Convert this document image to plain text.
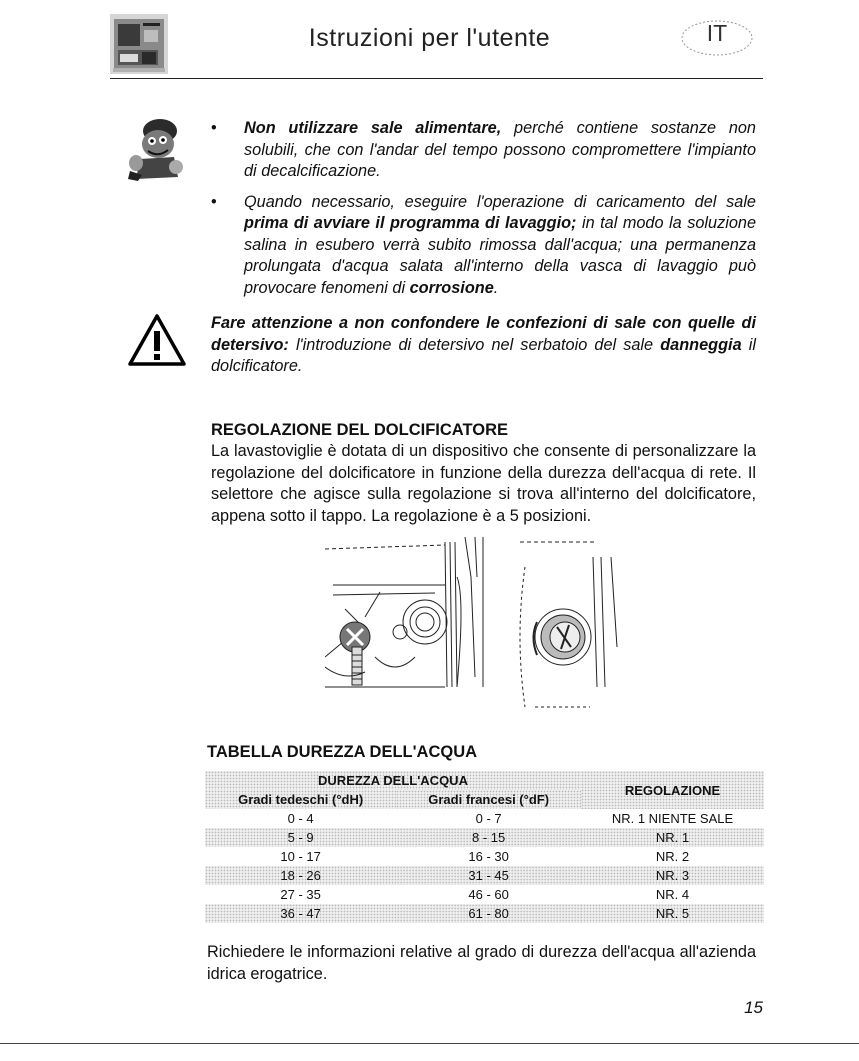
Istruzioni per l'utente	IT
• Non utilizzare sale alimentare, perché contiene sostanze non solubili, che con l'andar del tempo possono compromettere l'impianto di decalcificazione.
• Quando necessario, eseguire l'operazione di caricamento del sale prima di avviare il programma di lavaggio; in tal modo la soluzione salina in esubero verrà subito rimossa dall'acqua; una permanenza prolungata d'acqua salata all'interno della vasca di lavaggio può provocare fenomeni di corrosione.

Fare attenzione a non confondere le confezioni di sale con quelle di detersivo: l'introduzione di detersivo nel serbatoio del sale danneggia il dolcificatore.

REGOLAZIONE DEL DOLCIFICATORE

La lavastoviglie è dotata di un dispositivo che consente di personalizzare la regolazione del dolcificatore in funzione della durezza dell'acqua di rete. Il selettore che agisce sulla regolazione si trova all'interno del dolcificatore, appena sotto il tappo. La regolazione è a 5 posizioni.

TABELLA DUREZZA DELL'ACQUA
DUREZZA DELL'ACQUA		REGOLAZIONE
Gradi tedeschi (°dH)	Gradi francesi (°dF)	
0 - 4	0 - 7	NR. 1 NIENTE SALE
5 - 9	8 - 15	NR. 1
10 - 17	16 - 30	NR. 2
18 - 26	31 - 45	NR. 3
27 - 35	46 - 60	NR. 4
36 - 47	61 - 80	NR. 5

Richiedere le informazioni relative al grado di durezza dell'acqua all'azienda idrica erogatrice.

15
